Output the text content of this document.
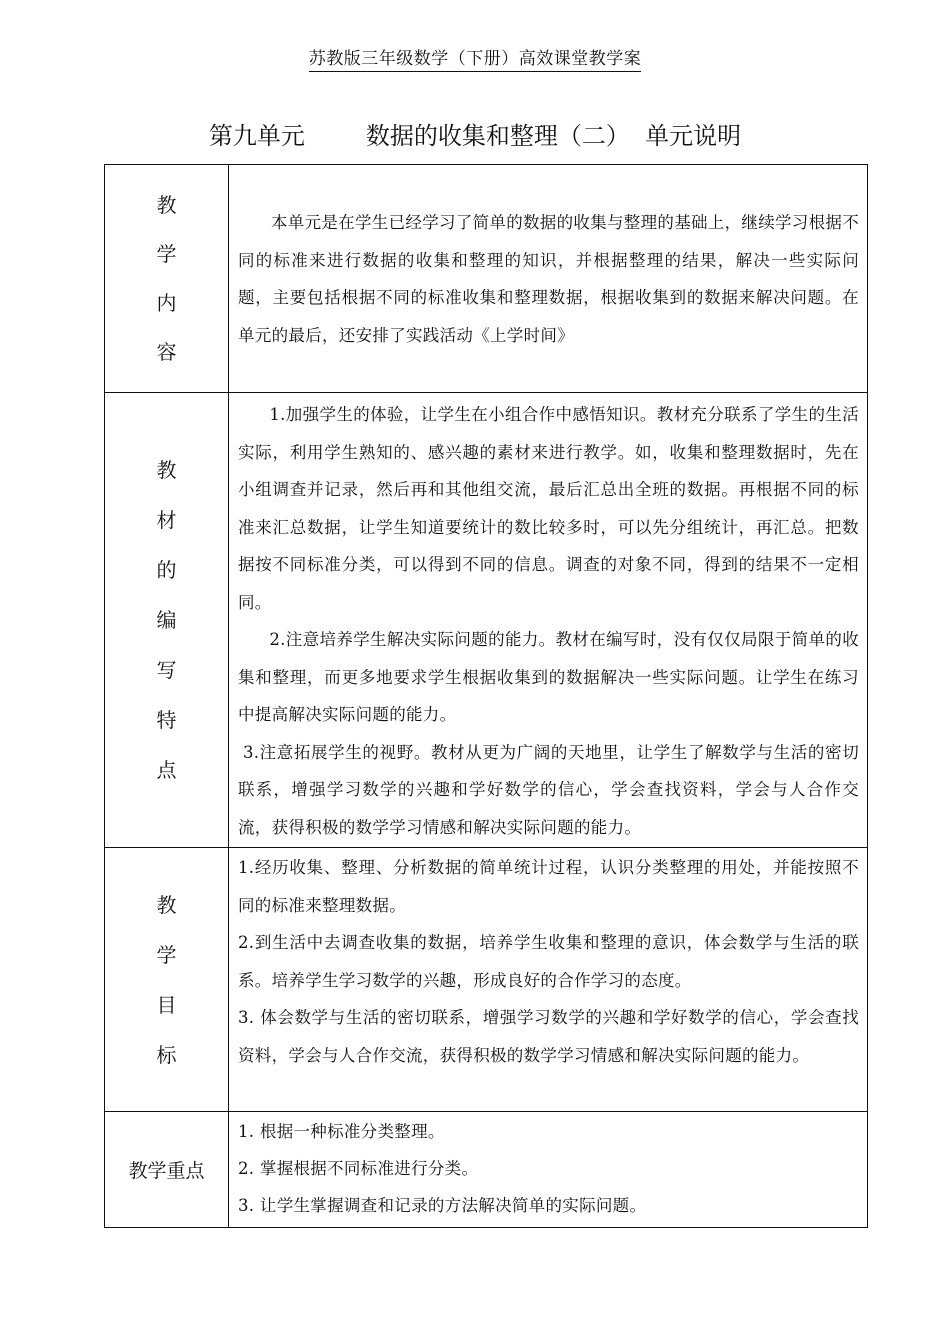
苏教版三年级数学（下册）高效课堂教学案
第九单元        数据的收集和整理（二）  单元说明
教学内容	本单元是在学生已经学习了简单的数据的收集与整理的基础上，继续学习根据不同的标准来进行数据的收集和整理的知识，并根据整理的结果，解决一些实际问题，主要包括根据不同的标准收集和整理数据，根据收集到的数据来解决问题。在单元的最后，还安排了实践活动《上学时间》

教材的编写特点	1.加强学生的体验，让学生在小组合作中感悟知识。教材充分联系了学生的生活实际，利用学生熟知的、感兴趣的素材来进行教学。如，收集和整理数据时，先在小组调查并记录，然后再和其他组交流，最后汇总出全班的数据。再根据不同的标准来汇总数据，让学生知道要统计的数比较多时，可以先分组统计，再汇总。把数据按不同标准分类，可以得到不同的信息。调查的对象不同，得到的结果不一定相同。

2.注意培养学生解决实际问题的能力。教材在编写时，没有仅仅局限于简单的收集和整理，而更多地要求学生根据收集到的数据解决一些实际问题。让学生在练习中提高解决实际问题的能力。

3.注意拓展学生的视野。教材从更为广阔的天地里，让学生了解数学与生活的密切联系，增强学习数学的兴趣和学好数学的信心，学会查找资料，学会与人合作交流，获得积极的数学学习情感和解决实际问题的能力。

教学目标	1.经历收集、整理、分析数据的简单统计过程，认识分类整理的用处，并能按照不同的标准来整理数据。

2.到生活中去调查收集的数据，培养学生收集和整理的意识，体会数学与生活的联系。培养学生学习数学的兴趣，形成良好的合作学习的态度。

3. 体会数学与生活的密切联系，增强学习数学的兴趣和学好数学的信心，学会查找资料，学会与人合作交流，获得积极的数学学习情感和解决实际问题的能力。

教学重点	1. 根据一种标准分类整理。

2. 掌握根据不同标准进行分类。

3. 让学生掌握调查和记录的方法解决简单的实际问题。
